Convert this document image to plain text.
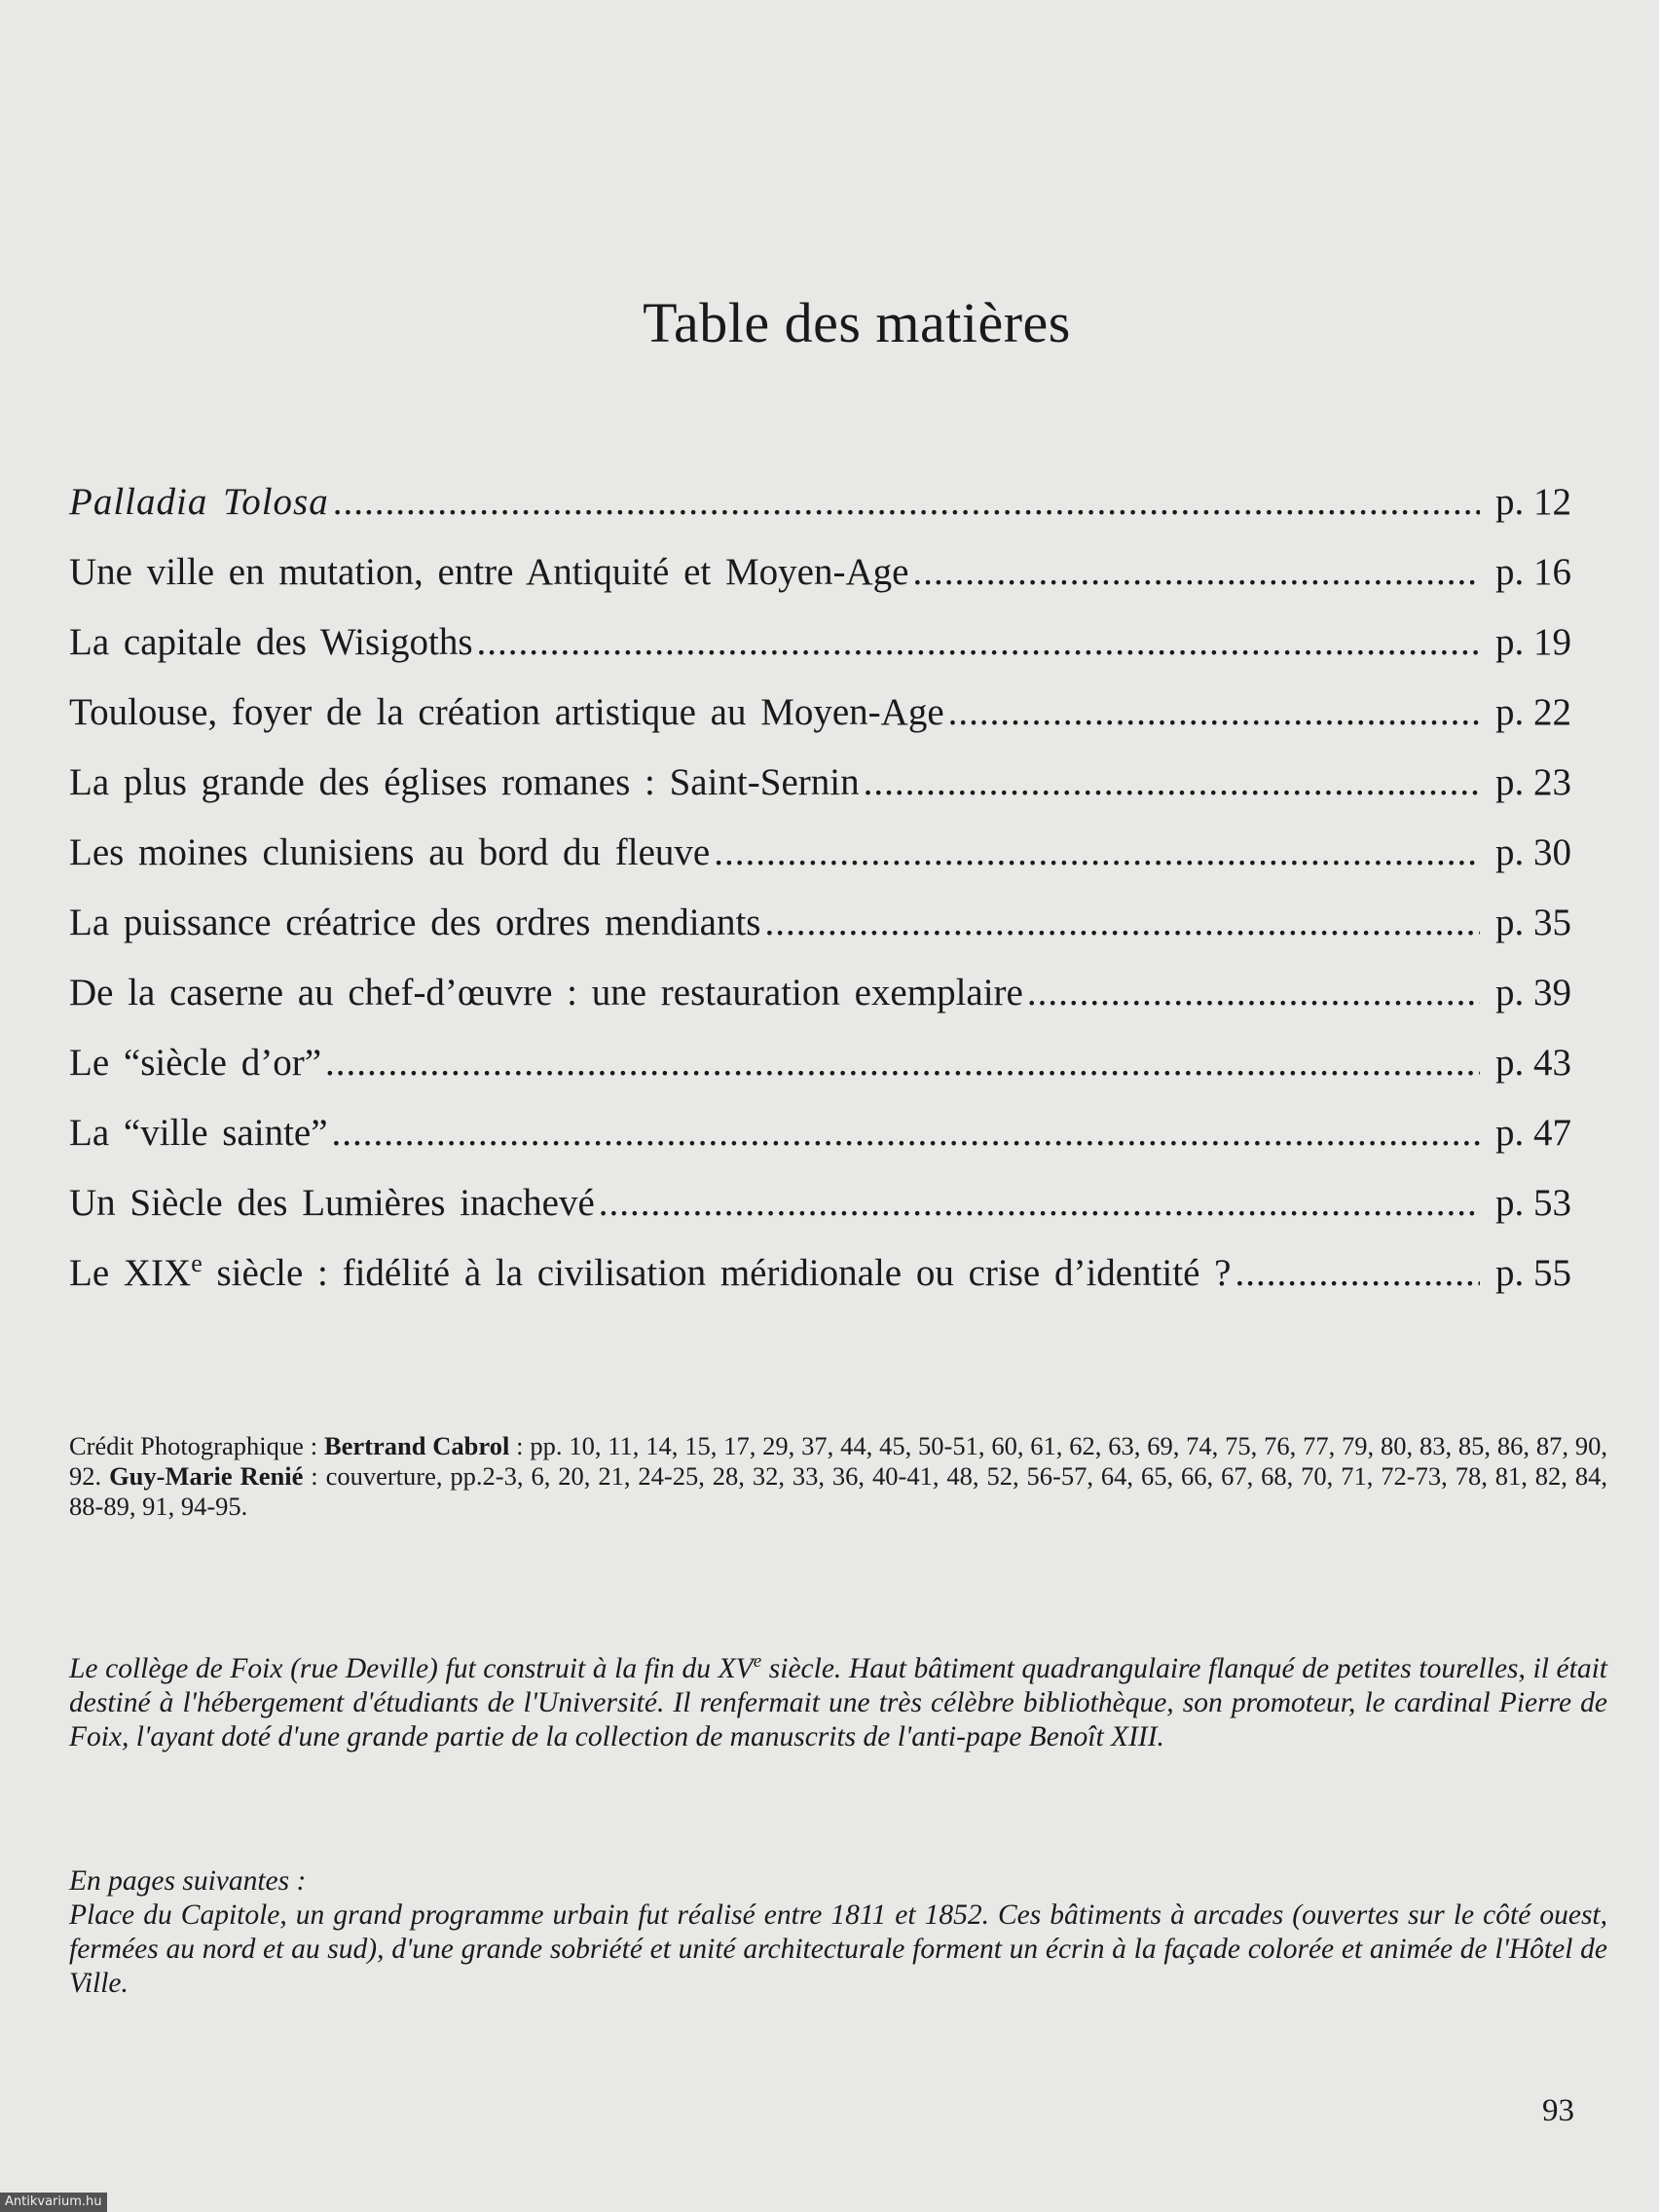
Table des matières
Palladia Tolosa .....	p. 12
Une ville en mutation, entre Antiquité et Moyen-Age .....	p. 16
La capitale des Wisigoths .....	p. 19
Toulouse, foyer de la création artistique au Moyen-Age .....	p. 22
La plus grande des églises romanes : Saint-Sernin .....	p. 23
Les moines clunisiens au bord du fleuve .....	p. 30
La puissance créatrice des ordres mendiants .....	p. 35
De la caserne au chef-d’œuvre : une restauration exemplaire .....	p. 39
Le “siècle d’or” .....	p. 43
La “ville sainte” .....	p. 47
Un Siècle des Lumières inachevé .....	p. 53
Le XIXe siècle : fidélité à la civilisation méridionale ou crise d’identité ? .....	p. 55

Crédit Photographique : Bertrand Cabrol : pp. 10, 11, 14, 15, 17, 29, 37, 44, 45, 50-51, 60, 61, 62, 63, 69, 74, 75, 76, 77, 79, 80, 83, 85, 86, 87, 90, 92. Guy-Marie Renié : couverture, pp.2-3, 6, 20, 21, 24-25, 28, 32, 33, 36, 40-41, 48, 52, 56-57, 64, 65, 66, 67, 68, 70, 71, 72-73, 78, 81, 82, 84, 88-89, 91, 94-95.

Le collège de Foix (rue Deville) fut construit à la fin du XVe siècle. Haut bâtiment quadrangulaire flanqué de petites tourelles, il était destiné à l'hébergement d'étudiants de l'Université. Il renfermait une très célèbre bibliothèque, son promoteur, le cardinal Pierre de Foix, l'ayant doté d'une grande partie de la collection de manuscrits de l'anti-pape Benoît XIII.

En pages suivantes :
Place du Capitole, un grand programme urbain fut réalisé entre 1811 et 1852. Ces bâtiments à arcades (ouvertes sur le côté ouest, fermées au nord et au sud), d'une grande sobriété et unité architecturale forment un écrin à la façade colorée et animée de l'Hôtel de Ville.
93
Antikvarium.hu
